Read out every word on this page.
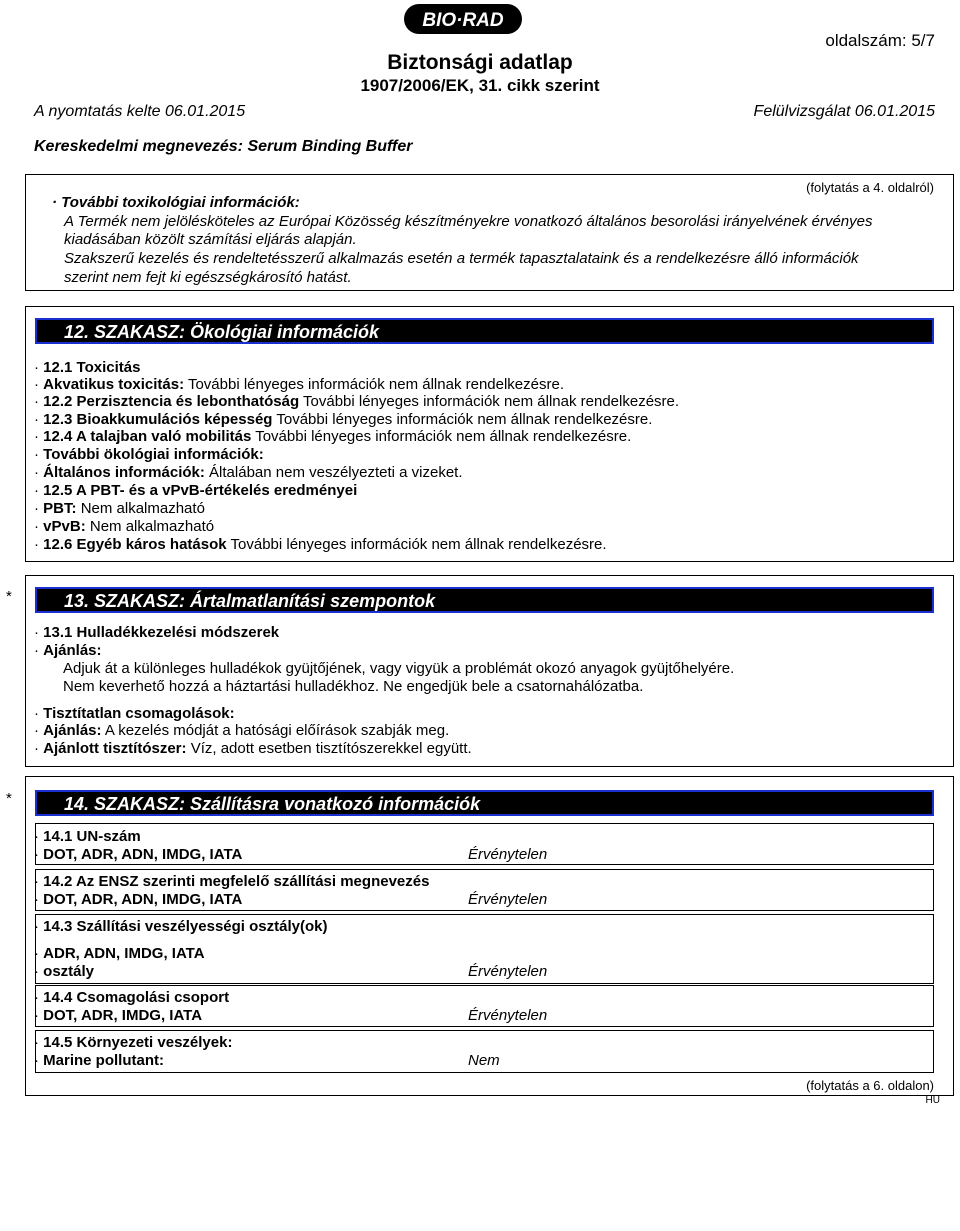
BIO·RAD
oldalszám: 5/7
Biztonsági adatlap
1907/2006/EK, 31. cikk szerint
A nyomtatás kelte 06.01.2015	Felülvizsgálat 06.01.2015
Kereskedelmi megnevezés: Serum Binding Buffer
(folytatás a 4. oldalról)
· További toxikológiai információk:
A Termék nem jelölésköteles az Európai Közösség készítményekre vonatkozó általános besorolási irányelvének érvényes
kiadásában közölt számítási eljárás alapján.
Szakszerű kezelés és rendeltetésszerű alkalmazás esetén a termék tapasztalataink és a rendelkezésre álló információk
szerint nem fejt ki egészségkárosító hatást.
12. SZAKASZ: Ökológiai információk
· 12.1 Toxicitás
· Akvatikus toxicitás: További lényeges információk nem állnak rendelkezésre.
· 12.2 Perzisztencia és lebonthatóság További lényeges információk nem állnak rendelkezésre.
· 12.3 Bioakkumulációs képesség További lényeges információk nem állnak rendelkezésre.
· 12.4 A talajban való mobilitás További lényeges információk nem állnak rendelkezésre.
· További ökológiai információk:
· Általános információk: Általában nem veszélyezteti a vizeket.
· 12.5 A PBT- és a vPvB-értékelés eredményei
· PBT: Nem alkalmazható
· vPvB: Nem alkalmazható
· 12.6 Egyéb káros hatások További lényeges információk nem állnak rendelkezésre.
*	13. SZAKASZ: Ártalmatlanítási szempontok
· 13.1 Hulladékkezelési módszerek
· Ajánlás:
Adjuk át a különleges hulladékok gyüjtőjének, vagy vigyük a problémát okozó anyagok gyüjtőhelyére.
Nem keverhető hozzá a háztartási hulladékhoz. Ne engedjük bele a csatornahálózatba.
· Tisztítatlan csomagolások:
· Ajánlás: A kezelés módját a hatósági előírások szabják meg.
· Ajánlott tisztítószer: Víz, adott esetben tisztítószerekkel együtt.
*	14. SZAKASZ: Szállításra vonatkozó információk
· 14.1 UN-szám
· DOT, ADR, ADN, IMDG, IATA	Érvénytelen
· 14.2 Az ENSZ szerinti megfelelő szállítási megnevezés
· DOT, ADR, ADN, IMDG, IATA	Érvénytelen
· 14.3 Szállítási veszélyességi osztály(ok)
· ADR, ADN, IMDG, IATA
· osztály	Érvénytelen
· 14.4 Csomagolási csoport
· DOT, ADR, IMDG, IATA	Érvénytelen
· 14.5 Környezeti veszélyek:
· Marine pollutant:	Nem
(folytatás a 6. oldalon)
HU
